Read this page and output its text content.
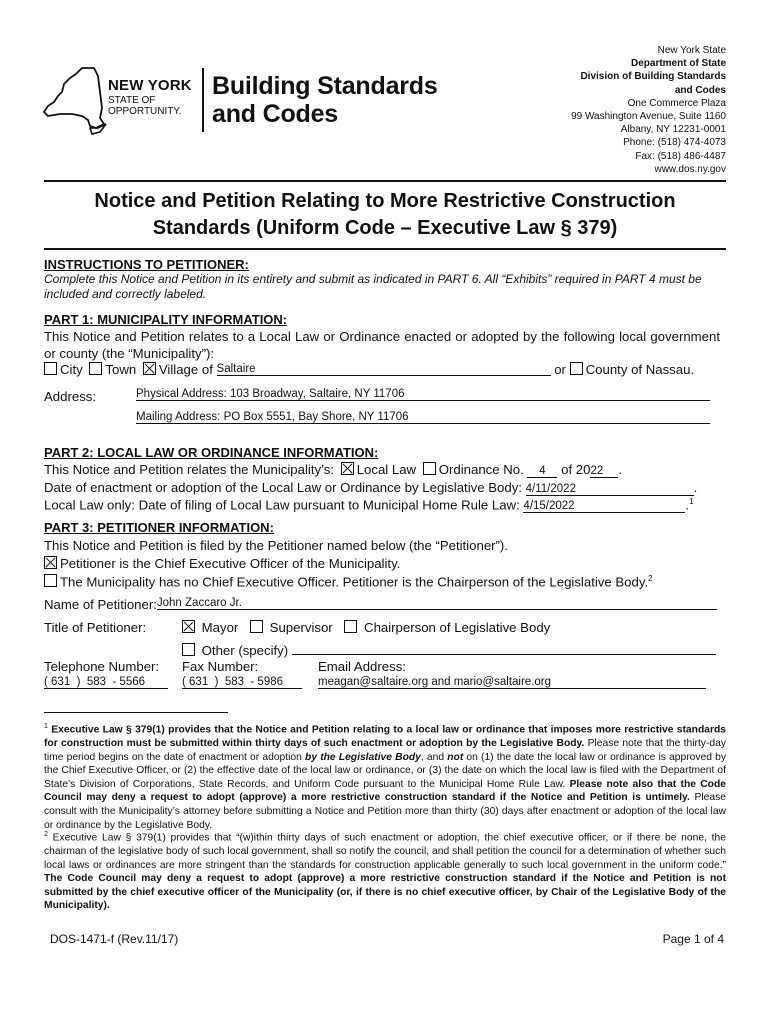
New York State
Department of State
Division of Building Standards
and Codes
One Commerce Plaza
99 Washington Avenue, Suite 1160
Albany, NY 12231-0001
Phone: (518) 474-4073
Fax: (518) 486-4487
www.dos.ny.gov
NEW YORK
STATE OF
OPPORTUNITY.
Building Standards
and Codes
Notice and Petition Relating to More Restrictive Construction
Standards (Uniform Code – Executive Law § 379)
INSTRUCTIONS TO PETITIONER:
Complete this Notice and Petition in its entirety and submit as indicated in PART 6. All “Exhibits” required in PART 4 must be included and correctly labeled.
PART 1: MUNICIPALITY INFORMATION:
This Notice and Petition relates to a Local Law or Ordinance enacted or adopted by the following local government or county (the “Municipality”):
City Town Village of Saltaire	or County of Nassau.
Address:	Physical Address: 103 Broadway, Saltaire, NY 11706
Mailing Address: PO Box 5551, Bay Shore, NY 11706
PART 2: LOCAL LAW OR ORDINANCE INFORMATION:
This Notice and Petition relates the Municipality’s: Local Law Ordinance No. 4 of 2022 .
Date of enactment or adoption of the Local Law or Ordinance by Legislative Body: 4/11/2022	.
Local Law only: Date of filing of Local Law pursuant to Municipal Home Rule Law: 4/15/2022	.$^1$
PART 3: PETITIONER INFORMATION:
This Notice and Petition is filed by the Petitioner named below (the “Petitioner”).
Petitioner is the Chief Executive Officer of the Municipality.
The Municipality has no Chief Executive Officer. Petitioner is the Chairperson of the Legislative Body.$^2$
Name of Petitioner:John Zaccaro Jr.
Title of Petitioner:	Mayor Supervisor Chairperson of Legislative Body
Other (specify)
Telephone Number: Fax Number:	Email Address:
( 631  )  583  - 5566	( 631  )  583  - 5986	meagan@saltaire.org and mario@saltaire.org
$^1$ Executive Law § 379(1) provides that the Notice and Petition relating to a local law or ordinance that imposes more restrictive standards for construction must be submitted within thirty days of such enactment or adoption by the Legislative Body. Please note that the thirty-day time period begins on the date of enactment or adoption by the Legislative Body, and not on (1) the date the local law or ordinance is approved by the Chief Executive Officer, or (2) the effective date of the local law or ordinance, or (3) the date on which the local law is filed with the Department of State’s Division of Corporations, State Records, and Uniform Code pursuant to the Municipal Home Rule Law. Please note also that the Code Council may deny a request to adopt (approve) a more restrictive construction standard if the Notice and Petition is untimely. Please consult with the Municipality’s attorney before submitting a Notice and Petition more than thirty (30) days after enactment or adoption of the local law or ordinance by the Legislative Body.
$^2$ Executive Law § 379(1) provides that “(w)ithin thirty days of such enactment or adoption, the chief executive officer, or if there be none, the chairman of the legislative body of such local government, shall so notify the council, and shall petition the council for a determination of whether such local laws or ordinances are more stringent than the standards for construction applicable generally to such local government in the uniform code.” The Code Council may deny a request to adopt (approve) a more restrictive construction standard if the Notice and Petition is not submitted by the chief executive officer of the Municipality (or, if there is no chief executive officer, by Chair of the Legislative Body of the Municipality).
DOS-1471-f (Rev.11/17)	Page 1 of 4
